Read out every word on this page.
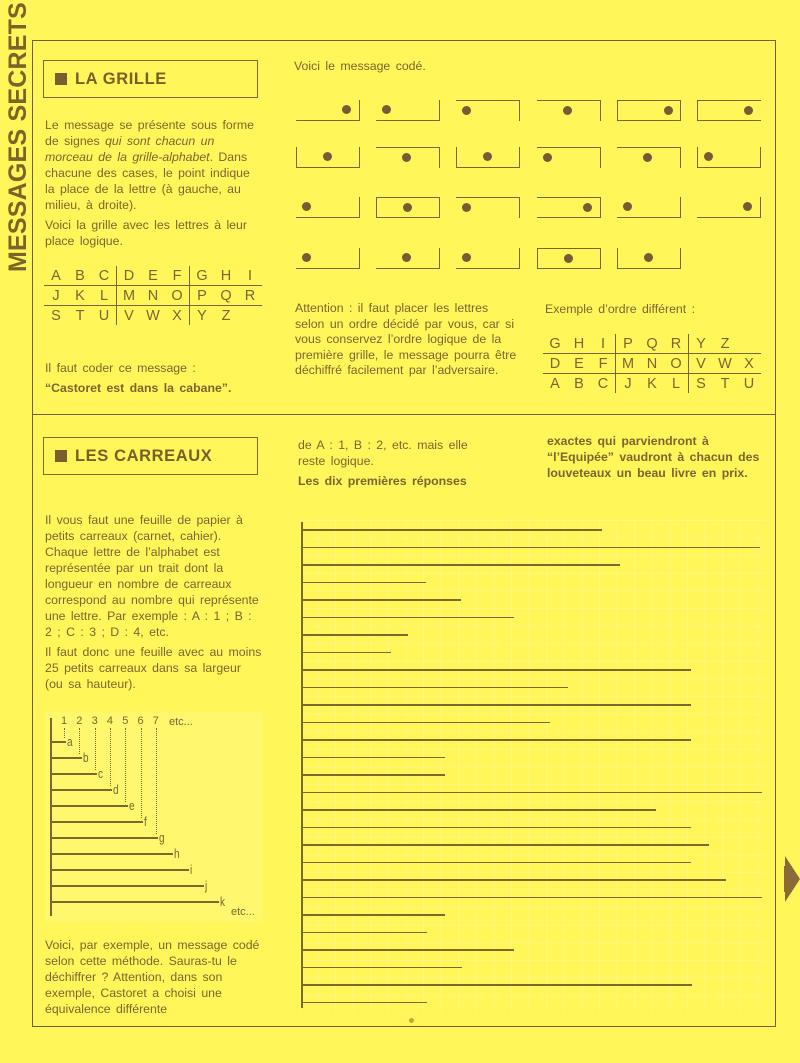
MESSAGES SECRETS	LA GRILLE

Le message se présente sous forme de signes qui sont chacun un morceau de la grille-alphabet. Dans chacune des cases, le point indique la place de la lettre (à gauche, au milieu, à droite).

Voici la grille avec les lettres à leur place logique.

A	B	C	D	E	F	G	H	I
J	K	L	M	N	O	P	Q	R
S	T	U	V	W	X	Y	Z	

Il faut coder ce message :

“Castoret est dans la cabane”.

Voici le message codé.
Attention : il faut placer les lettres selon un ordre décidé par vous, car si vous conservez l’ordre logique de la première grille, le message pourra être déchiffré facilement par l’adversaire.
Exemple d’ordre différent :
G	H	I	P	Q	R	Y	Z	
D	E	F	M	N	O	V	W	X
A	B	C	J	K	L	S	T	U
LES CARREAUX

Il vous faut une feuille de papier à petits carreaux (carnet, cahier). Chaque lettre de l’alphabet est représentée par un trait dont la longueur en nombre de carreaux correspond au nombre qui représente une lettre. Par exemple : A : 1 ; B : 2 ; C : 3 ; D : 4, etc.

Il faut donc une feuille avec au moins 25 petits carreaux dans sa largeur (ou sa hauteur).

1 2 3 4 5 6 7 etc...
a
b
c
d
e
f
g
h
i
j
k
etc...
Voici, par exemple, un message codé selon cette méthode. Sauras-tu le déchiffrer ? Attention, dans son exemple, Castoret a choisi une équivalence différente

de A : 1, B : 2, etc. mais elle reste logique.

Les dix premières réponses

exactes qui parviendront à “l’Equipée” vaudront à chacun des louveteaux un beau livre en prix.
